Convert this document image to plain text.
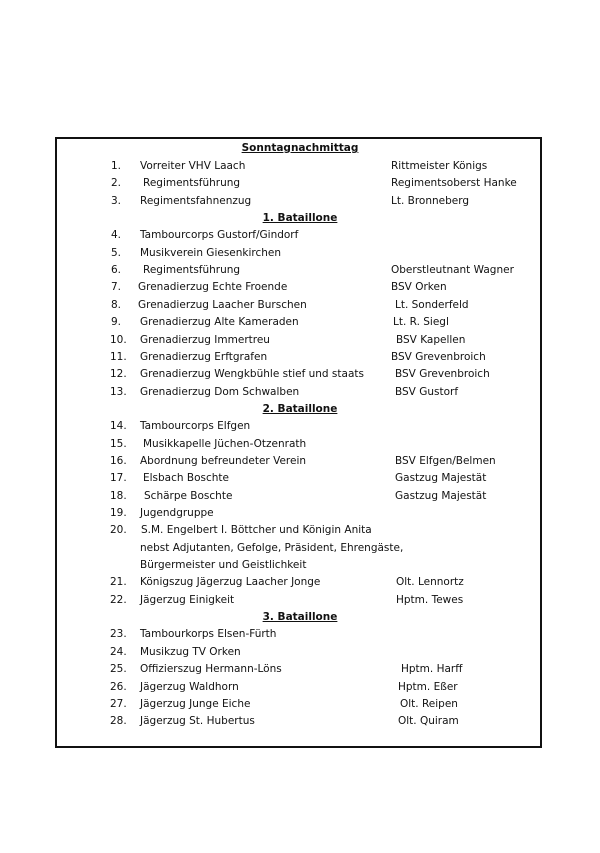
Sonntagnachmittag
1. Vorreiter VHV Laach	Rittmeister Königs
2. Regimentsführung	Regimentsoberst Hanke
3. Regimentsfahnenzug	Lt. Bronneberg
1. Bataillone
4. Tambourcorps Gustorf/Gindorf
5. Musikverein Giesenkirchen
6. Regimentsführung	Oberstleutnant Wagner
7. Grenadierzug Echte Froende	BSV Orken
8. Grenadierzug Laacher Burschen	Lt. Sonderfeld
9. Grenadierzug Alte Kameraden	Lt. R. Siegl
10. Grenadierzug Immertreu	BSV Kapellen
11. Grenadierzug Erftgrafen	BSV Grevenbroich
12. Grenadierzug Wengkbühle stief und staats	BSV Grevenbroich
13. Grenadierzug Dom Schwalben	BSV Gustorf
2. Bataillone
14. Tambourcorps Elfgen
15. Musikkapelle Jüchen-Otzenrath
16. Abordnung befreundeter Verein	BSV Elfgen/Belmen
17. Elsbach Boschte	Gastzug Majestät
18. Schärpe Boschte	Gastzug Majestät
19. Jugendgruppe
20. S.M. Engelbert I. Böttcher und Königin Anita
nebst Adjutanten, Gefolge, Präsident, Ehrengäste,
Bürgermeister und Geistlichkeit
21. Königszug Jägerzug Laacher Jonge	Olt. Lennortz
22. Jägerzug Einigkeit	Hptm. Tewes
3. Bataillone
23. Tambourkorps Elsen-Fürth
24. Musikzug TV Orken
25. Offizierszug Hermann-Löns	Hptm. Harff
26. Jägerzug Waldhorn	Hptm. Eßer
27. Jägerzug Junge Eiche	Olt. Reipen
28. Jägerzug St. Hubertus	Olt. Quiram
